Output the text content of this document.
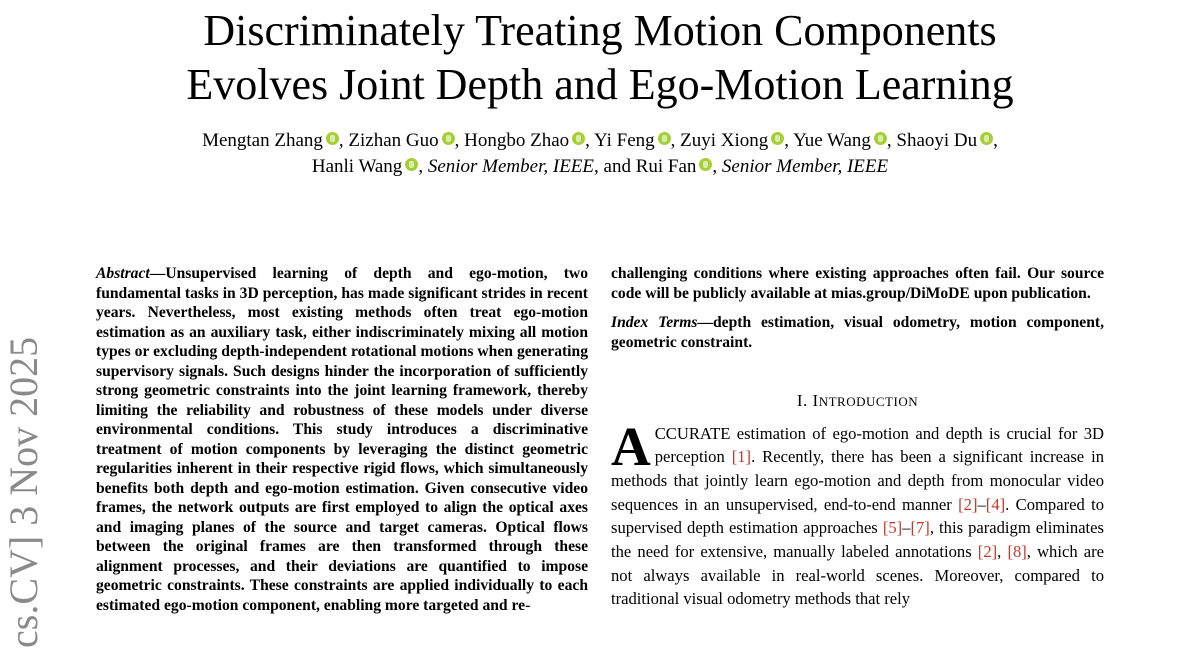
Discriminately Treating Motion Components
Evolves Joint Depth and Ego-Motion Learning
Mengtan Zhang , Zizhan Guo , Hongbo Zhao , Yi Feng , Zuyi Xiong , Yue Wang , Shaoyi Du ,
Hanli Wang , Senior Member, IEEE, and Rui Fan , Senior Member, IEEE
cs.CV] 3 Nov 2025

Abstract—Unsupervised learning of depth and ego-motion, two fundamental tasks in 3D perception, has made significant strides in recent years. Nevertheless, most existing methods often treat ego-motion estimation as an auxiliary task, either indiscriminately mixing all motion types or excluding depth-independent rotational motions when generating supervisory signals. Such designs hinder the incorporation of sufficiently strong geometric constraints into the joint learning framework, thereby limiting the reliability and robustness of these models under diverse environmental conditions. This study introduces a discriminative treatment of motion components by leveraging the distinct geometric regularities inherent in their respective rigid flows, which simultaneously benefits both depth and ego-motion estimation. Given consecutive video frames, the network outputs are first employed to align the optical axes and imaging planes of the source and target cameras. Optical flows between the original frames are then transformed through these alignment processes, and their deviations are quantified to impose geometric constraints. These constraints are applied individually to each estimated ego-motion component, enabling more targeted and re-

challenging conditions where existing approaches often fail. Our source code will be publicly available at mias.group/DiMoDE upon publication.

Index Terms—depth estimation, visual odometry, motion component, geometric constraint.

I. INTRODUCTION

ACCURATE estimation of ego-motion and depth is crucial for 3D perception [1]. Recently, there has been a significant increase in methods that jointly learn ego-motion and depth from monocular video sequences in an unsupervised, end-to-end manner [2]–[4]. Compared to supervised depth estimation approaches [5]–[7], this paradigm eliminates the need for extensive, manually labeled annotations [2], [8], which are not always available in real-world scenes. Moreover, compared to traditional visual odometry methods that rely
